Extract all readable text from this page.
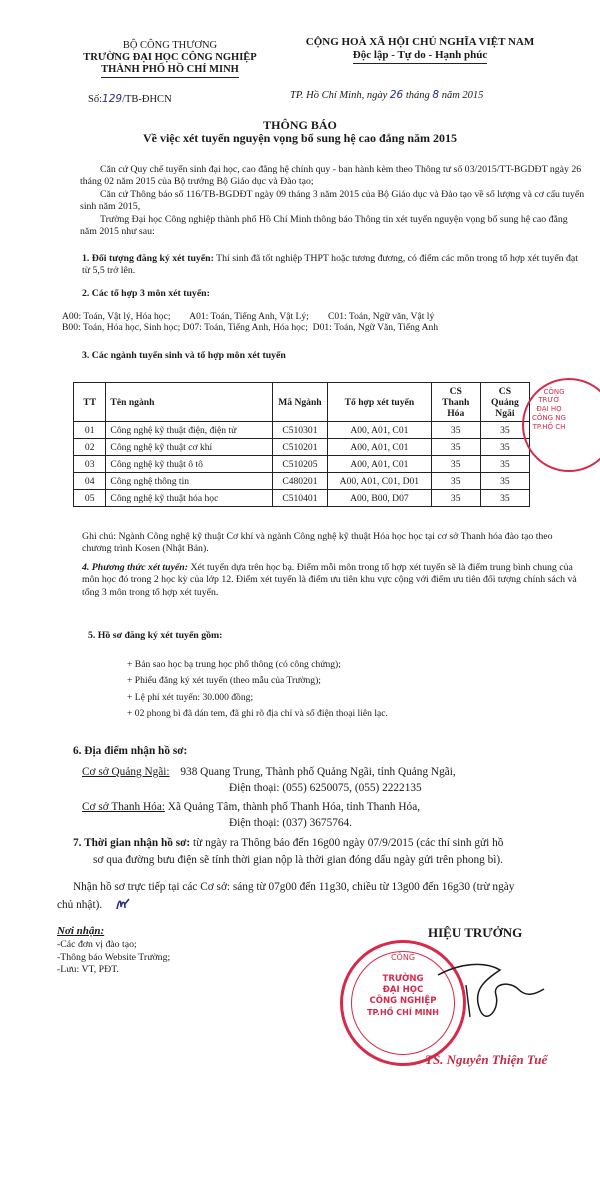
BỘ CÔNG THƯƠNG
TRƯỜNG ĐẠI HỌC CÔNG NGHIỆP
THÀNH PHỐ HỒ CHÍ MINH
CỘNG HOÀ XÃ HỘI CHỦ NGHĨA VIỆT NAM
Độc lập - Tự do - Hạnh phúc
Số:129/TB-ĐHCN	TP. Hồ Chí Minh, ngày 26 tháng 8 năm 2015
THÔNG BÁO
Về việc xét tuyển nguyện vọng bổ sung hệ cao đẳng năm 2015
Căn cứ Quy chế tuyển sinh đại học, cao đẳng hệ chính quy - ban hành kèm theo Thông tư số 03/2015/TT-BGDĐT ngày 26 tháng 02 năm 2015 của Bộ trưởng Bộ Giáo dục và Đào tạo;
Căn cứ Thông báo số 116/TB-BGDĐT ngày 09 tháng 3 năm 2015 của Bộ Giáo dục và Đào tạo về số lượng và cơ cấu tuyển sinh năm 2015,
Trường Đại học Công nghiệp thành phố Hồ Chí Minh thông báo Thông tin xét tuyển nguyện vọng bổ sung hệ cao đẳng năm 2015 như sau:
1. Đối tượng đăng ký xét tuyển: Thí sinh đã tốt nghiệp THPT hoặc tương đương, có điểm các môn trong tổ hợp xét tuyển đạt từ 5,5 trở lên.
2. Các tổ hợp 3 môn xét tuyển:
A00: Toán, Vật lý, Hóa học;        A01: Toán, Tiếng Anh, Vật Lý;        C01: Toán, Ngữ văn, Vật lý
B00: Toán, Hóa học, Sinh học; D07: Toán, Tiếng Anh, Hóa học;  D01: Toán, Ngữ Văn, Tiếng Anh
3. Các ngành tuyển sinh và tổ hợp môn xét tuyển
TT	Tên ngành	Mã Ngành	Tổ hợp xét tuyển	CS Thanh Hóa	CS Quảng Ngãi
01	Công nghệ kỹ thuật điện, điện tử	C510301	A00, A01, C01	35	35
02	Công nghệ kỹ thuật cơ khí	C510201	A00, A01, C01	35	35
03	Công nghệ kỹ thuật ô tô	C510205	A00, A01, C01	35	35
04	Công nghệ thông tin	C480201	A00, A01, C01, D01	35	35
05	Công nghệ kỹ thuật hóa học	C510401	A00, B00, D07	35	35
CÔNG
TRƯỜ
ĐẠI HỌ
CÔNG NG
TP.HỒ CH
Ghi chú: Ngành Công nghệ kỹ thuật Cơ khí và ngành Công nghệ kỹ thuật Hóa học học tại cơ sở Thanh hóa đào tạo theo chương trình Kosen (Nhật Bản).
4. Phương thức xét tuyển: Xét tuyển dựa trên học bạ. Điểm mỗi môn trong tổ hợp xét tuyển sẽ là điểm trung bình chung của môn học đó trong 2 học kỳ của lớp 12. Điểm xét tuyển là điểm ưu tiên khu vực cộng với điểm ưu tiên đối tượng chính sách và tổng 3 môn trong tổ hợp xét tuyển.
5. Hồ sơ đăng ký xét tuyển gồm:
+ Bản sao học bạ trung học phổ thông (có công chứng);
+ Phiếu đăng ký xét tuyển (theo mẫu của Trường);
+ Lệ phí xét tuyển: 30.000 đồng;
+ 02 phong bì đã dán tem, đã ghi rõ địa chỉ và số điện thoại liên lạc.
6. Địa điểm nhận hồ sơ:
Cơ sở Quảng Ngãi: 938 Quang Trung, Thành phố Quảng Ngãi, tỉnh Quảng Ngãi,
Điện thoại: (055) 6250075, (055) 2222135
Cơ sở Thanh Hóa: Xã Quảng Tâm, thành phố Thanh Hóa, tỉnh Thanh Hóa,
Điện thoại: (037) 3675764.
7. Thời gian nhận hồ sơ: từ ngày ra Thông báo đến 16g00 ngày 07/9/2015 (các thí sinh gửi hồ
sơ qua đường bưu điện sẽ tính thời gian nộp là thời gian đóng dấu ngày gửi trên phong bì).
Nhận hồ sơ trực tiếp tại các Cơ sở: sáng từ 07g00 đến 11g30, chiều từ 13g00 đến 16g30 (trừ ngày
chủ nhật).
Nơi nhận:
-Các đơn vị đào tạo;
-Thông báo Website Trường;
-Lưu: VT, PĐT.
HIỆU TRƯỞNG
CÔNG
TRƯỜNG
ĐẠI HỌC
CÔNG NGHIỆP
TP.HỒ CHÍ MINH
TS. Nguyễn Thiện Tuế
